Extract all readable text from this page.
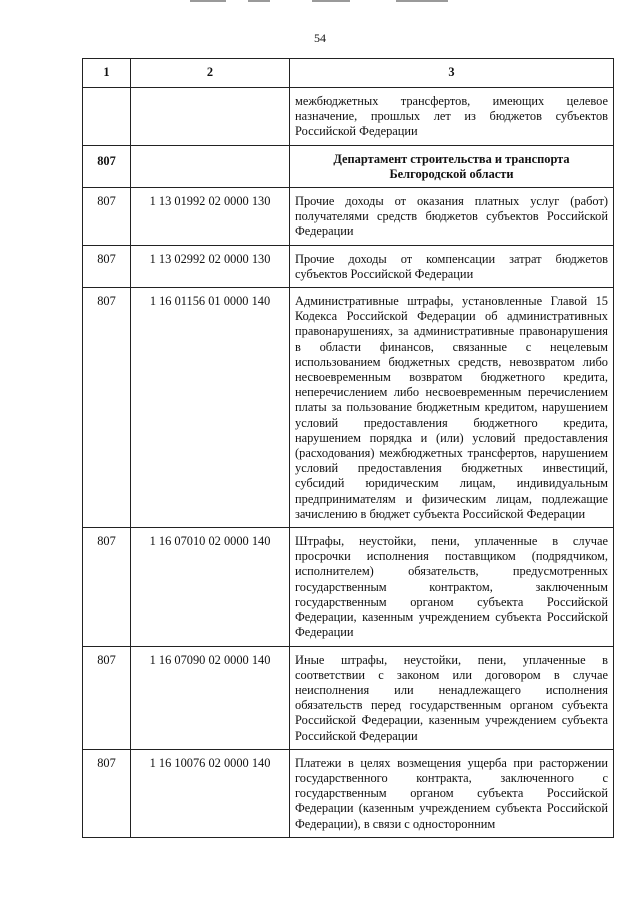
54
1	2	3
		межбюджетных трансфертов, имеющих целевое назначение, прошлых лет из бюджетов субъектов Российской Федерации
807		Департамент строительства и транспорта Белгородской области
807	1 13 01992 02 0000 130	Прочие доходы от оказания платных услуг (работ) получателями средств бюджетов субъектов Российской Федерации
807	1 13 02992 02 0000 130	Прочие доходы от компенсации затрат бюджетов субъектов Российской Федерации
807	1 16 01156 01 0000 140	Административные штрафы, установленные Главой 15 Кодекса Российской Федерации об административных правонарушениях, за административные правонарушения в области финансов, связанные с нецелевым использованием бюджетных средств, невозвратом либо несвоевременным возвратом бюджетного кредита, неперечислением либо несвоевременным перечислением платы за пользование бюджетным кредитом, нарушением условий предоставления бюджетного кредита, нарушением порядка и (или) условий предоставления (расходования) межбюджетных трансфертов, нарушением условий предоставления бюджетных инвестиций, субсидий юридическим лицам, индивидуальным предпринимателям и физическим лицам, подлежащие зачислению в бюджет субъекта Российской Федерации
807	1 16 07010 02 0000 140	Штрафы, неустойки, пени, уплаченные в случае просрочки исполнения поставщиком (подрядчиком, исполнителем) обязательств, предусмотренных государственным контрактом, заключенным государственным органом субъекта Российской Федерации, казенным учреждением субъекта Российской Федерации
807	1 16 07090 02 0000 140	Иные штрафы, неустойки, пени, уплаченные в соответствии с законом или договором в случае неисполнения или ненадлежащего исполнения обязательств перед государственным органом субъекта Российской Федерации, казенным учреждением субъекта Российской Федерации
807	1 16 10076 02 0000 140	Платежи в целях возмещения ущерба при расторжении государственного контракта, заключенного с государственным органом субъекта Российской Федерации (казенным учреждением субъекта Российской Федерации), в связи с односторонним
